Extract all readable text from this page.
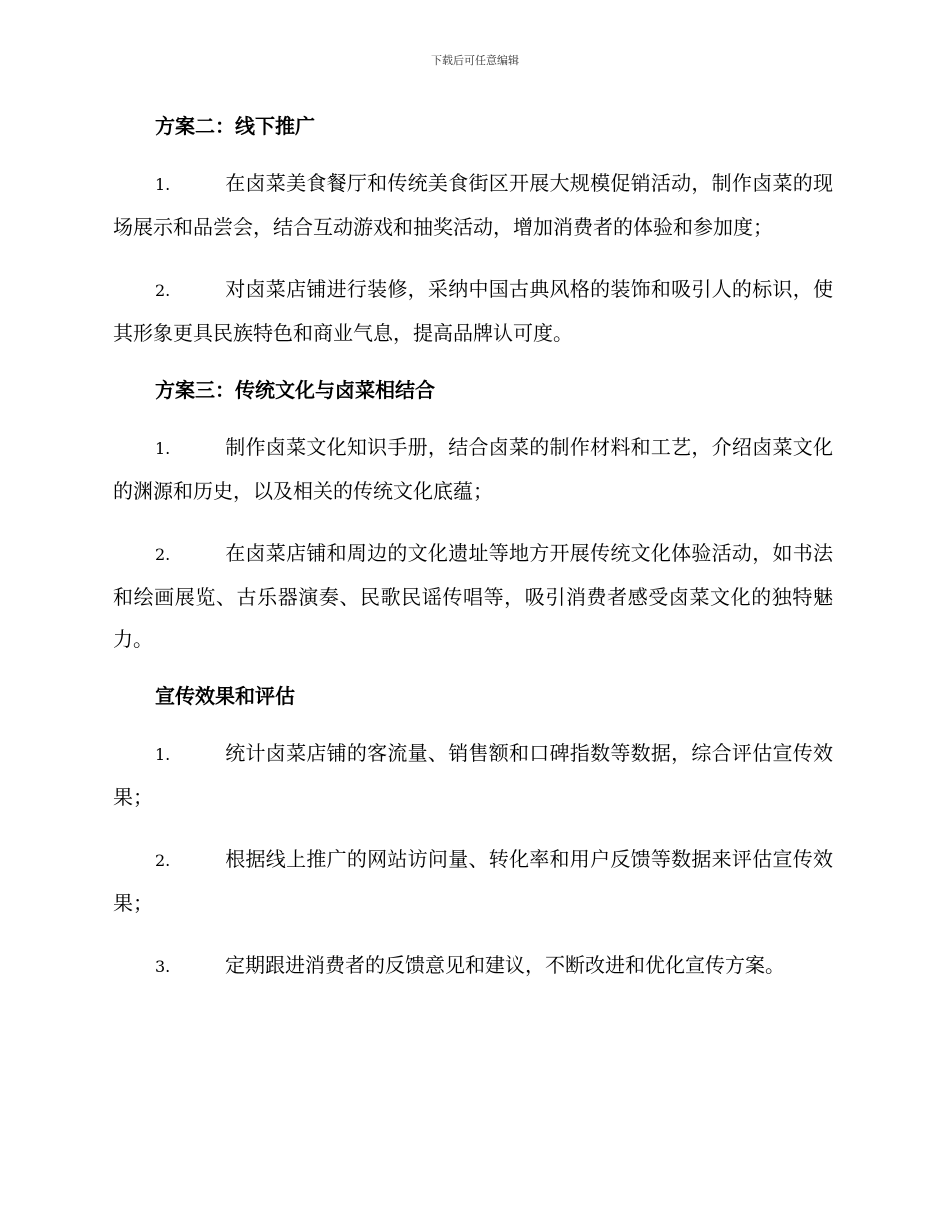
下载后可任意编辑
方案二：线下推广

1.	在卤菜美食餐厅和传统美食街区开展大规模促销活动，制作卤菜的现场展示和品尝会，结合互动游戏和抽奖活动，增加消费者的体验和参加度；

2.	对卤菜店铺进行装修，采纳中国古典风格的装饰和吸引人的标识，使其形象更具民族特色和商业气息，提高品牌认可度。

方案三：传统文化与卤菜相结合

1.	制作卤菜文化知识手册，结合卤菜的制作材料和工艺，介绍卤菜文化的渊源和历史，以及相关的传统文化底蕴；

2.	在卤菜店铺和周边的文化遗址等地方开展传统文化体验活动，如书法和绘画展览、古乐器演奏、民歌民谣传唱等，吸引消费者感受卤菜文化的独特魅力。

宣传效果和评估

1.	统计卤菜店铺的客流量、销售额和口碑指数等数据，综合评估宣传效果；

2.	根据线上推广的网站访问量、转化率和用户反馈等数据来评估宣传效果；

3.	定期跟进消费者的反馈意见和建议，不断改进和优化宣传方案。
